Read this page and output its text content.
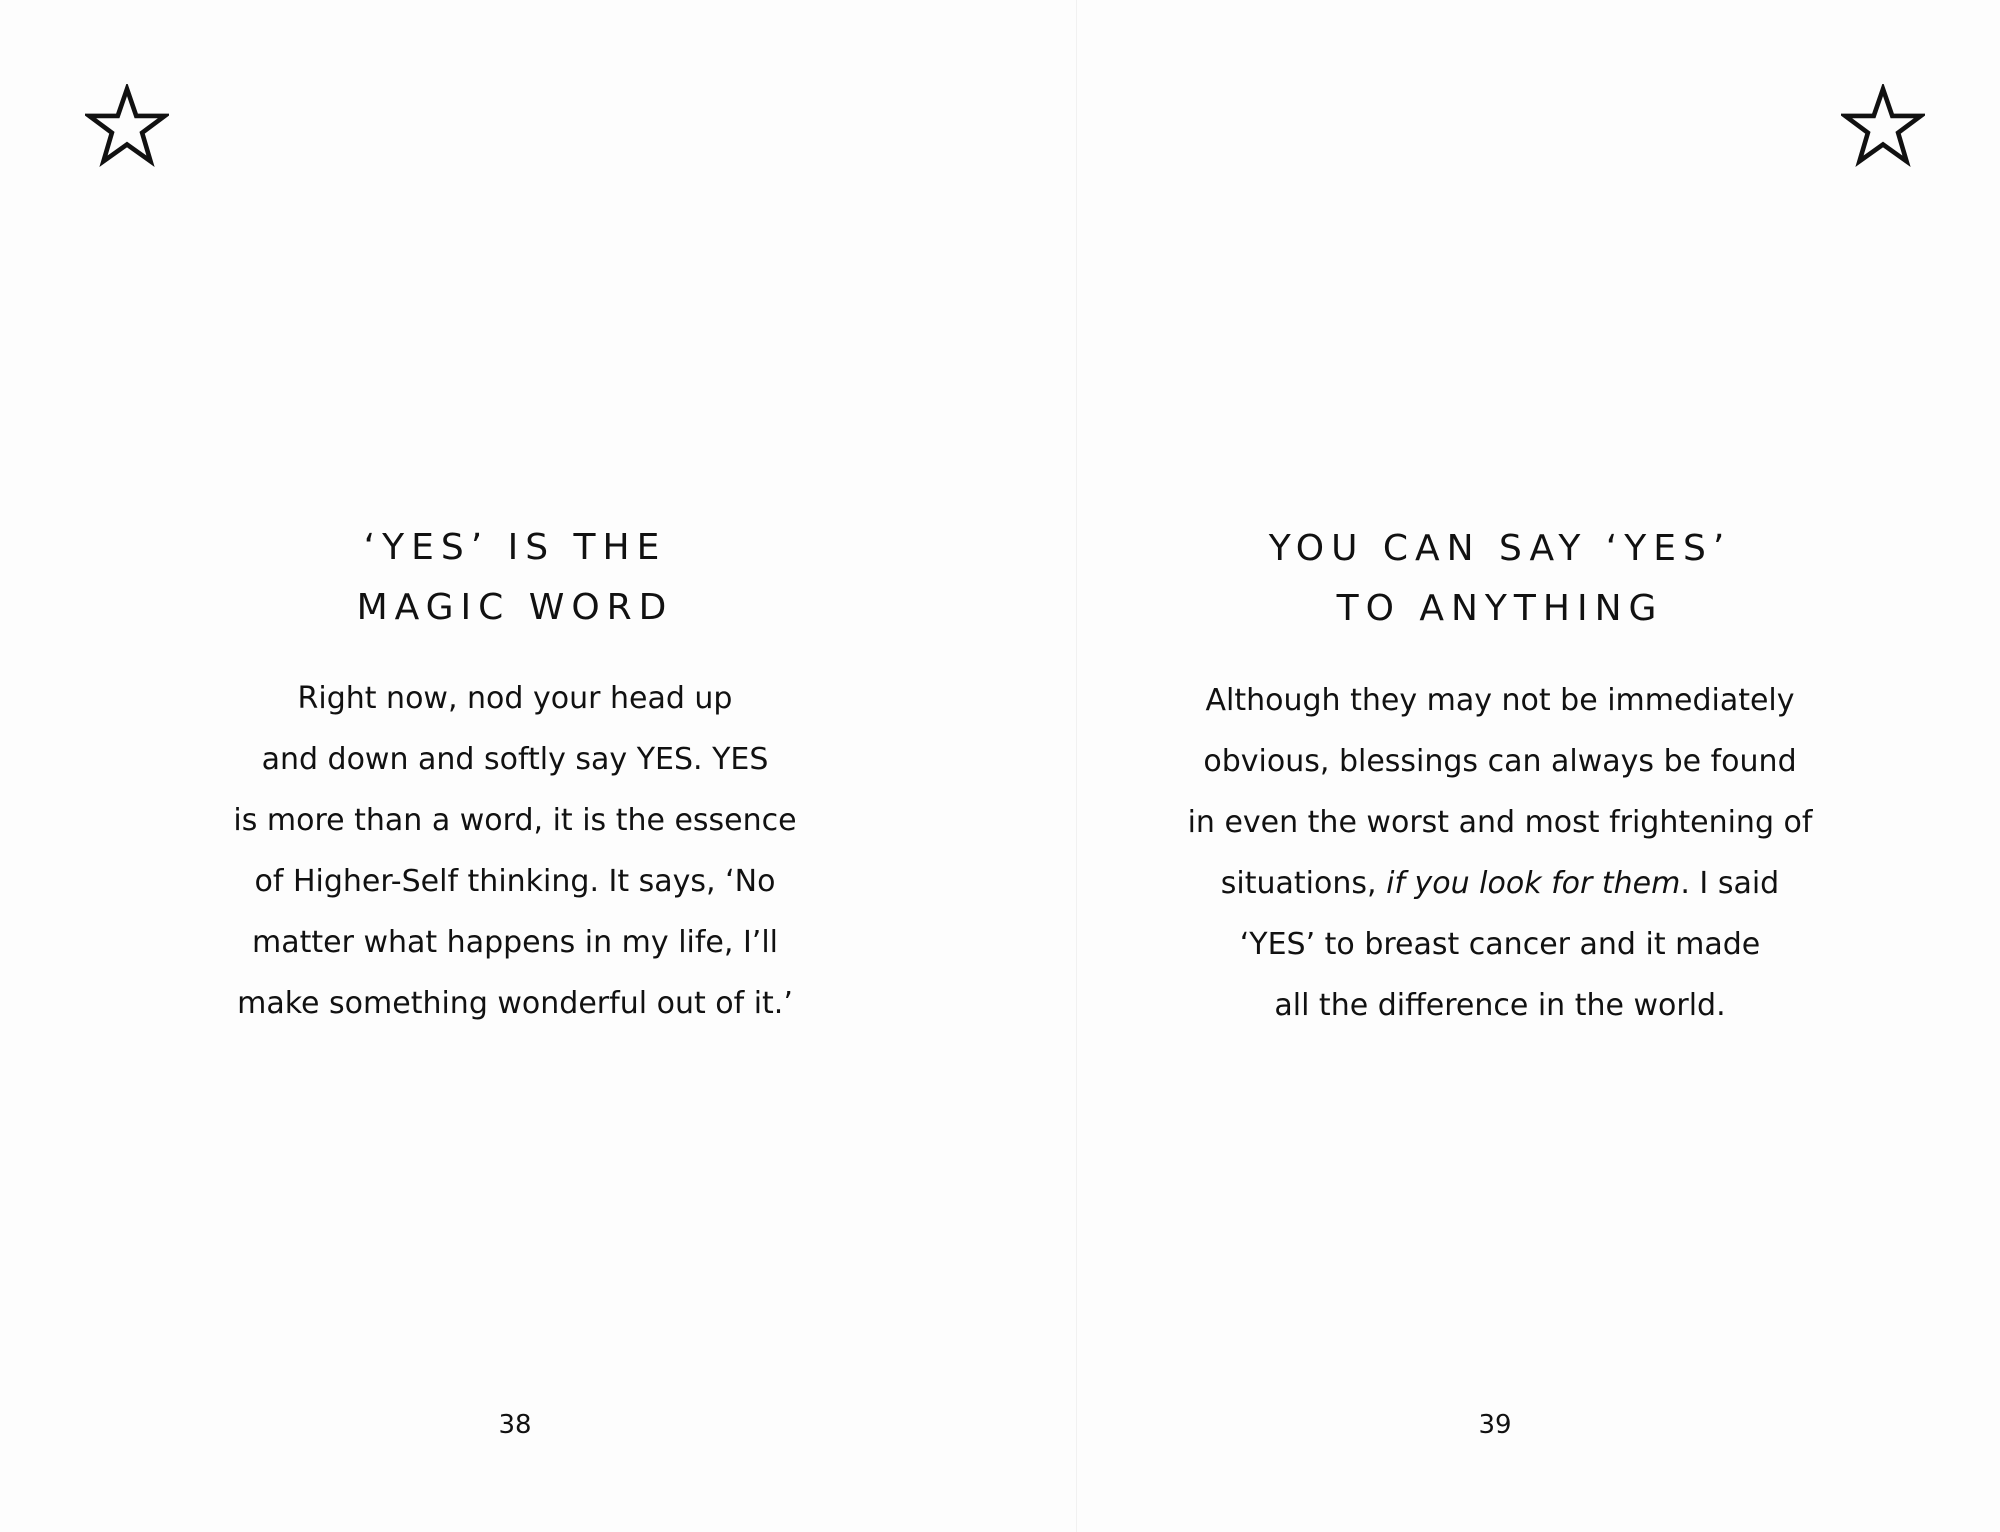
‘YES’ IS THE
MAGIC WORD

Right now, nod your head up
and down and softly say YES. YES
is more than a word, it is the essence
of Higher-Self thinking. It says, ‘No
matter what happens in my life, I’ll
make something wonderful out of it.’

38
YOU CAN SAY ‘YES’
TO ANYTHING

Although they may not be immediately
obvious, blessings can always be found
in even the worst and most frightening of
situations, if you look for them. I said
‘YES’ to breast cancer and it made
all the difference in the world.

39
